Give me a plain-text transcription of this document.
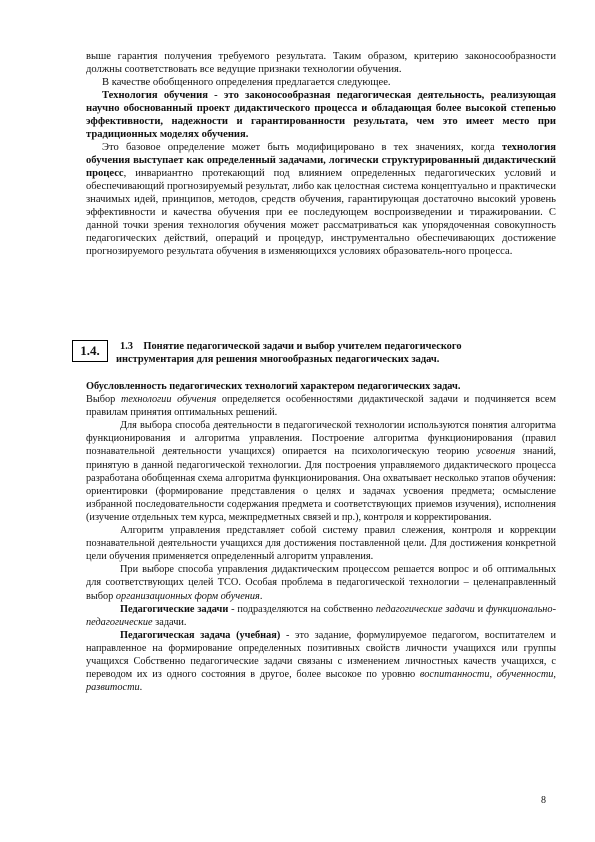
выше гарантия получения требуемого результата. Таким образом, критерию законосообразности должны соответствовать все ведущие признаки технологии обучения.

В качестве обобщенного определения предлагается следующее.

Технология обучения - это законосообразная педагогическая деятельность, реализующая научно обоснованный проект дидактического процесса и обладающая более высокой степенью эффективности, надежности и гарантированности результата, чем это имеет место при традиционных моделях обучения.

Это базовое определение может быть модифицировано в тех значениях, когда технология обучения выступает как определенный задачами, логически структурированный дидактический процесс, инвариантно протекающий под влиянием определенных педагогических условий и обеспечивающий прогнозируемый результат, либо как целостная система концептуально и практически значимых идей, принципов, методов, средств обучения, гарантирующая достаточно высокий уровень эффективности и качества обучения при ее последующем воспроизведении и тиражировании. С данной точки зрения технология обучения может рассматриваться как упорядоченная совокупность педагогических действий, операций и процедур, инструментально обеспечивающих достижение прогнозируемого результата обучения в изменяющихся условиях образователь-ного процесса.

1.3 Понятие педагогической задачи и выбор учителем педагогического
инструментария для решения многообразных педагогических задач.
1.4.

Обусловленность педагогических технологий характером педагогических задач.

Выбор технологии обучения определяется особенностями дидактической задачи и подчиняется всем правилам принятия оптимальных решений.

Для выбора способа деятельности в педагогической технологии используются понятия алгоритма функционирования и алгоритма управления. Построение алгоритма функционирования (правил познавательной деятельности учащихся) опирается на психологическую теорию усвоения знаний, принятую в данной педагогической технологии. Для построения управляемого дидактического процесса разработана обобщенная схема алгоритма функционирования. Она охватывает несколько этапов обучения: ориентировки (формирование представления о целях и задачах усвоения предмета; осмысление избранной последовательности содержания предмета и соответствующих приемов изучения), исполнения (изучение отдельных тем курса, межпредметных связей и пр.), контроля и корректирования.

Алгоритм управления представляет собой систему правил слежения, контроля и коррекции познавательной деятельности учащихся для достижения поставленной цели. Для достижения конкретной цели обучения применяется определенный алгоритм управления.

При выборе способа управления дидактическим процессом решается вопрос и об оптимальных для соответствующих целей ТСО. Особая проблема в педагогической технологии – целенаправленный выбор организационных форм обучения.

Педагогические задачи - подразделяются на собственно педагогические задачи и функционально-педагогические задачи.

Педагогическая задача (учебная) - это задание, формулируемое педагогом, воспитателем и направленное на формирование определенных позитивных свойств личности учащихся или группы учащихся Собственно педагогические задачи связаны с изменением личностных качеств учащихся, с переводом их из одного состояния в другое, более высокое по уровню воспитанности, обученности, развитости.

8
